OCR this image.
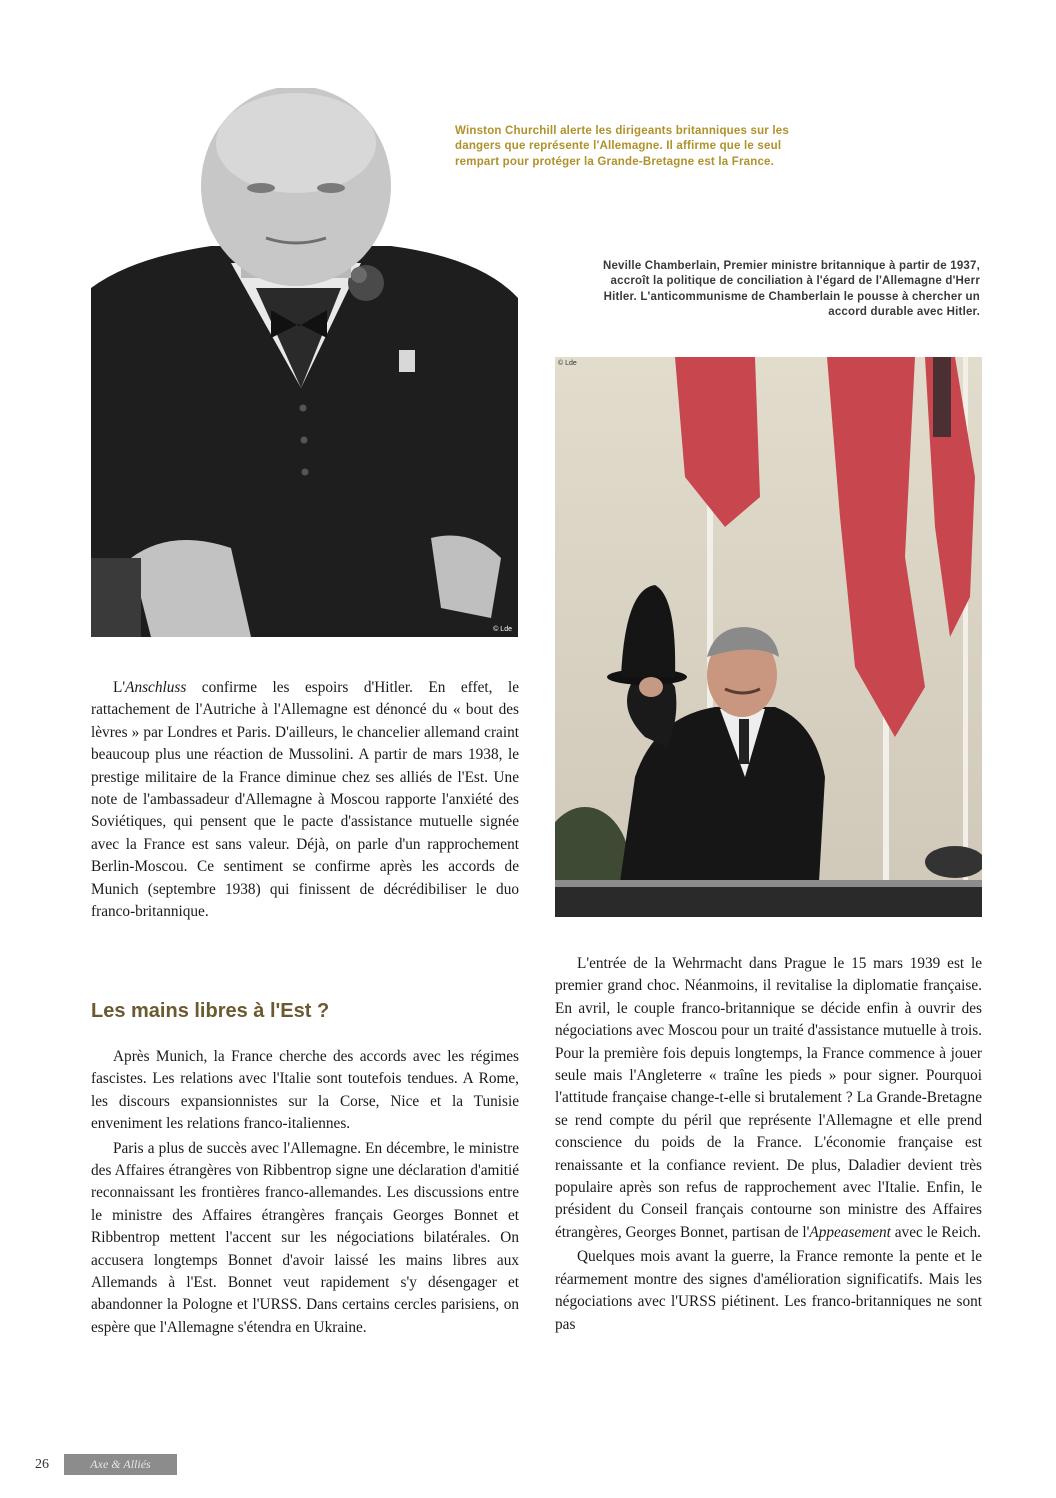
© Lde
Winston Churchill alerte les dirigeants britanniques sur les dangers que représente l'Allemagne. Il affirme que le seul rempart pour protéger la Grande-Bretagne est la France.
Neville Chamberlain, Premier ministre britannique à partir de 1937, accroît la politique de conciliation à l'égard de l'Allemagne d'Herr Hitler. L'anticommunisme de Chamberlain le pousse à chercher un accord durable avec Hitler.
© Lde

L'Anschluss confirme les espoirs d'Hitler. En effet, le rattachement de l'Autriche à l'Allemagne est dénoncé du « bout des lèvres » par Londres et Paris. D'ailleurs, le chancelier allemand craint beaucoup plus une réaction de Mussolini. A partir de mars 1938, le prestige militaire de la France diminue chez ses alliés de l'Est. Une note de l'ambassadeur d'Allemagne à Moscou rapporte l'anxiété des Soviétiques, qui pensent que le pacte d'assistance mutuelle signée avec la France est sans valeur. Déjà, on parle d'un rapprochement Berlin-Moscou. Ce sentiment se confirme après les accords de Munich (septembre 1938) qui finissent de décrédibiliser le duo franco-britannique.

Les mains libres à l'Est ?

Après Munich, la France cherche des accords avec les régimes fascistes. Les relations avec l'Italie sont toutefois tendues. A Rome, les discours expansionnistes sur la Corse, Nice et la Tunisie enveniment les relations franco-italiennes.

Paris a plus de succès avec l'Allemagne. En décembre, le ministre des Affaires étrangères von Ribbentrop signe une déclaration d'amitié reconnaissant les frontières franco-allemandes. Les discussions entre le ministre des Affaires étrangères français Georges Bonnet et Ribbentrop mettent l'accent sur les négociations bilatérales. On accusera longtemps Bonnet d'avoir laissé les mains libres aux Allemands à l'Est. Bonnet veut rapidement s'y désengager et abandonner la Pologne et l'URSS. Dans certains cercles parisiens, on espère que l'Allemagne s'étendra en Ukraine.

L'entrée de la Wehrmacht dans Prague le 15 mars 1939 est le premier grand choc. Néanmoins, il revitalise la diplomatie française. En avril, le couple franco-britannique se décide enfin à ouvrir des négociations avec Moscou pour un traité d'assistance mutuelle à trois. Pour la première fois depuis longtemps, la France commence à jouer seule mais l'Angleterre « traîne les pieds » pour signer. Pourquoi l'attitude française change-t-elle si brutalement ? La Grande-Bretagne se rend compte du péril que représente l'Allemagne et elle prend conscience du poids de la France. L'économie française est renaissante et la confiance revient. De plus, Daladier devient très populaire après son refus de rapprochement avec l'Italie. Enfin, le président du Conseil français contourne son ministre des Affaires étrangères, Georges Bonnet, partisan de l'Appeasement avec le Reich.

Quelques mois avant la guerre, la France remonte la pente et le réarmement montre des signes d'amélioration significatifs. Mais les négociations avec l'URSS piétinent. Les franco-britanniques ne sont pas

26	Axe & Alliés
